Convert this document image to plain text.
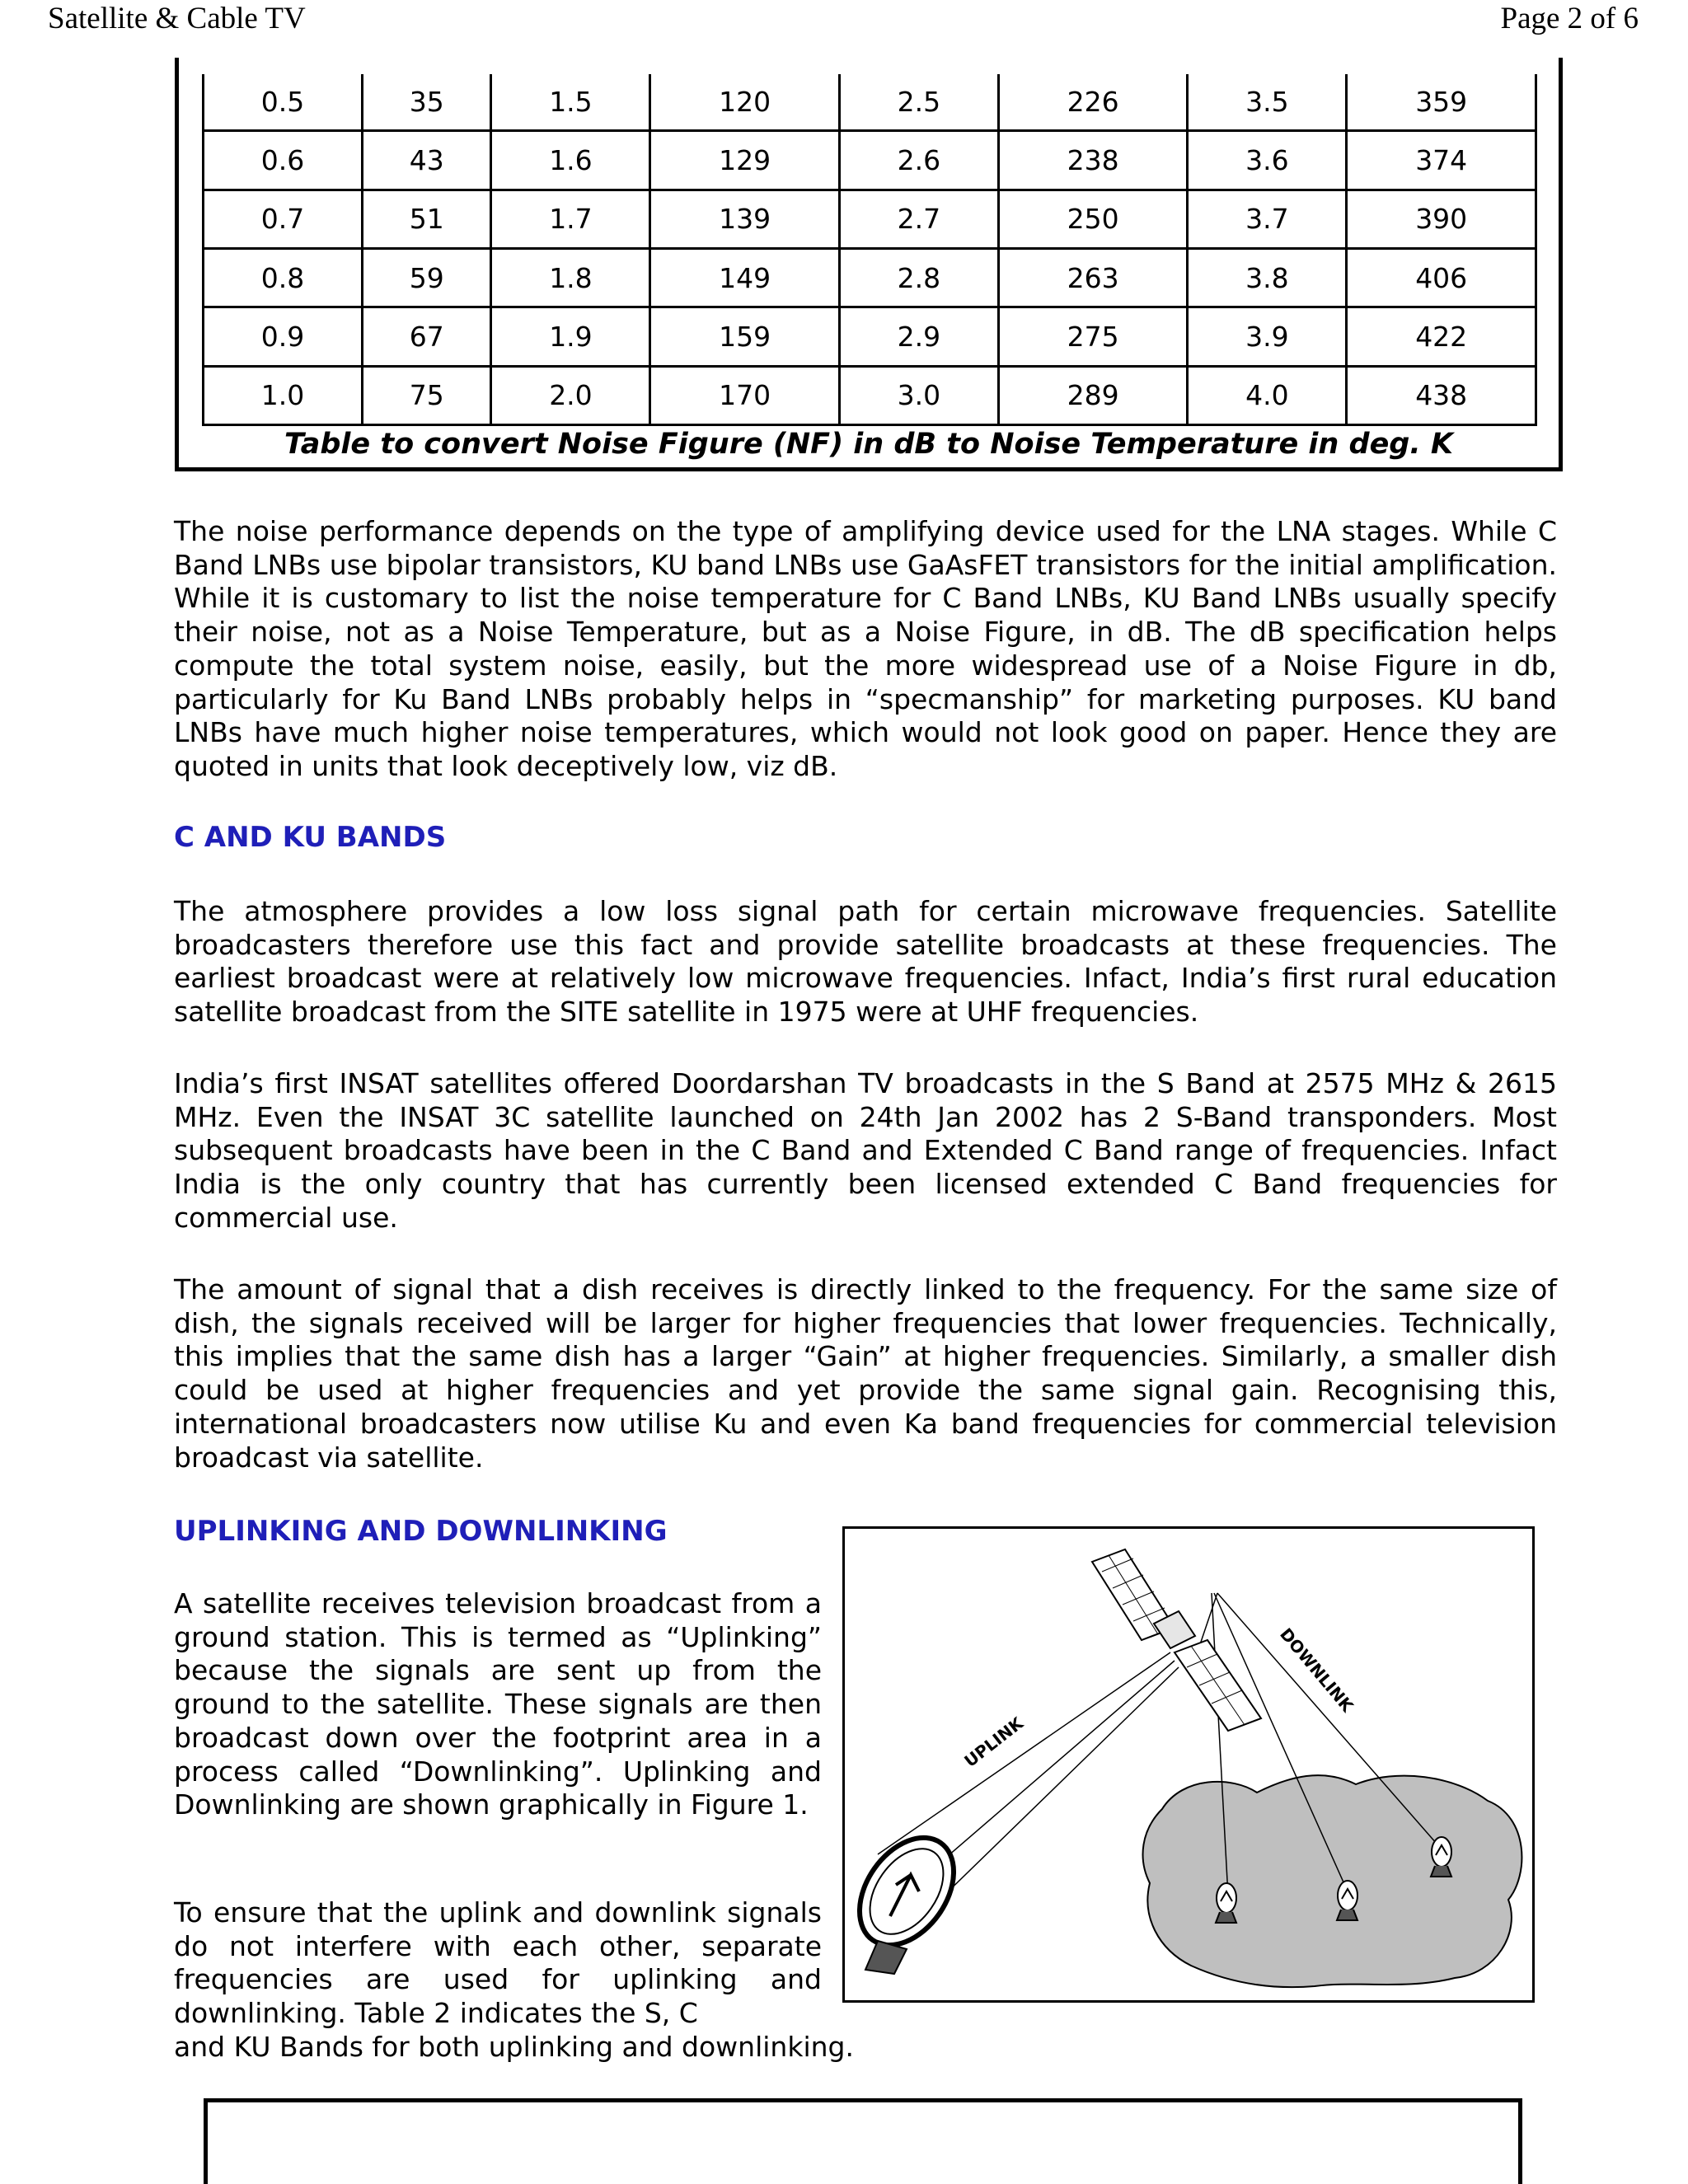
Satellite & Cable TV	Page 2 of 6
0.5	35	1.5	120	2.5	226	3.5	359
0.6	43	1.6	129	2.6	238	3.6	374
0.7	51	1.7	139	2.7	250	3.7	390
0.8	59	1.8	149	2.8	263	3.8	406
0.9	67	1.9	159	2.9	275	3.9	422
1.0	75	2.0	170	3.0	289	4.0	438
Table to convert Noise Figure (NF) in dB to Noise Temperature in deg. K
The noise performance depends on the type of amplifying device used for the LNA stages. While C Band LNBs use bipolar transistors, KU band LNBs use GaAsFET transistors for the initial amplification. While it is customary to list the noise temperature for C Band LNBs, KU Band LNBs usually specify their noise, not as a Noise Temperature, but as a Noise Figure, in dB. The dB specification helps compute the total system noise, easily, but the more widespread use of a Noise Figure in db, particularly for Ku Band LNBs probably helps in “specmanship” for marketing purposes. KU band LNBs have much higher noise temperatures, which would not look good on paper. Hence they are quoted in units that look deceptively low, viz dB.
C AND KU BANDS
The atmosphere provides a low loss signal path for certain microwave frequencies. Satellite broadcasters therefore use this fact and provide satellite broadcasts at these frequencies. The earliest broadcast were at relatively low microwave frequencies. Infact, India’s first rural education satellite broadcast from the SITE satellite in 1975 were at UHF frequencies.
India’s first INSAT satellites offered Doordarshan TV broadcasts in the S Band at 2575 MHz & 2615 MHz. Even the INSAT 3C satellite launched on 24th Jan 2002 has 2 S-Band transponders. Most subsequent broadcasts have been in the C Band and Extended C Band range of frequencies. Infact India is the only country that has currently been licensed extended C Band frequencies for commercial use.
The amount of signal that a dish receives is directly linked to the frequency. For the same size of dish, the signals received will be larger for higher frequencies that lower frequencies. Technically, this implies that the same dish has a larger “Gain” at higher frequencies. Similarly, a smaller dish could be used at higher frequencies and yet provide the same signal gain. Recognising this, international broadcasters now utilise Ku and even Ka band frequencies for commercial television broadcast via satellite.
UPLINKING AND DOWNLINKING
A satellite receives television broadcast from a ground station. This is termed as “Uplinking” because the signals are sent up from the ground to the satellite. These signals are then broadcast down over the footprint area in a process called “Downlinking”. Uplinking and Downlinking are shown graphically in Figure 1.
To ensure that the uplink and downlink signals do not interfere with each other, separate frequencies are used for uplinking and downlinking. Table 2 indicates the S, C
and KU Bands for both uplinking and downlinking.
UPLINK
DOWNLINK
